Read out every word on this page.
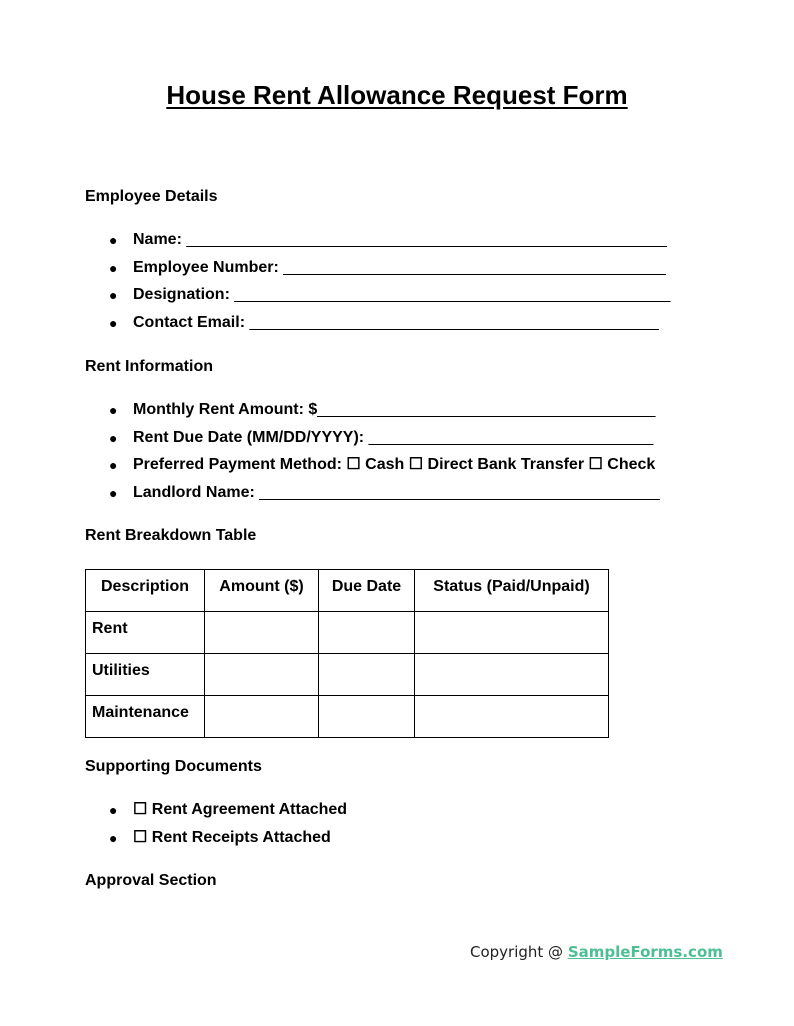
House Rent Allowance Request Form

Employee Details

● Name: ______________________________________________________
● Employee Number: ___________________________________________
● Designation: _________________________________________________
● Contact Email: ______________________________________________

Rent Information

● Monthly Rent Amount: $______________________________________
● Rent Due Date (MM/DD/YYYY): ________________________________
● Preferred Payment Method: ☐ Cash ☐ Direct Bank Transfer ☐ Check
● Landlord Name: _____________________________________________

Rent Breakdown Table

Description	Amount ($)	Due Date	Status (Paid/Unpaid)
Rent			
Utilities			
Maintenance			

Supporting Documents

● ☐ Rent Agreement Attached
● ☐ Rent Receipts Attached

Approval Section

Copyright @ SampleForms.com
